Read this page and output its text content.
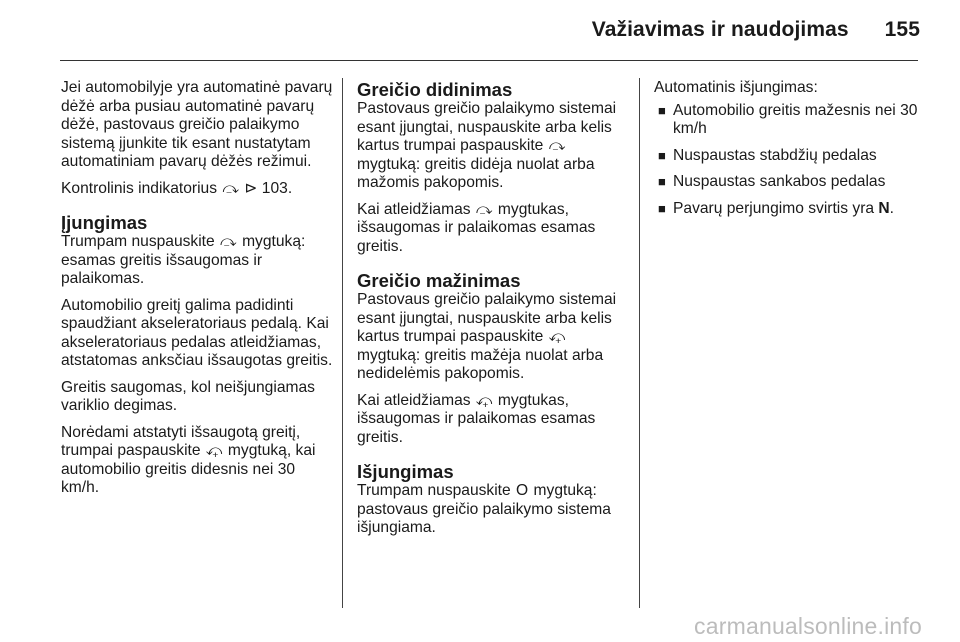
Važiavimas ir naudojimas 155

Jei automobilyje yra automatinė pavarų dėžė arba pusiau automatinė pavarų dėžė, pastovaus greičio palaikymo sistemą įjunkite tik esant nustatytam automatiniam pavarų dėžės režimui.

Kontrolinis indikatorius ⤼ ⊳ 103.

Įjungimas

Trumpam nuspauskite ⤼ mygtuką: esamas greitis išsaugomas ir palaikomas.

Automobilio greitį galima padidinti spaudžiant akseleratoriaus pedalą. Kai akseleratoriaus pedalas atleidžiamas, atstatomas anksčiau išsaugotas greitis.

Greitis saugomas, kol neišjungiamas variklio degimas.

Norėdami atstatyti išsaugotą greitį, trumpai paspauskite ⤽ mygtuką, kai automobilio greitis didesnis nei 30 km/h.

Greičio didinimas

Pastovaus greičio palaikymo sistemai esant įjungtai, nuspauskite arba kelis kartus trumpai paspauskite ⤼ mygtuką: greitis didėja nuolat arba mažomis pakopomis.

Kai atleidžiamas ⤼ mygtukas, išsaugomas ir palaikomas esamas greitis.

Greičio mažinimas

Pastovaus greičio palaikymo sistemai esant įjungtai, nuspauskite arba kelis kartus trumpai paspauskite ⤽ mygtuką: greitis mažėja nuolat arba nedidelėmis pakopomis.

Kai atleidžiamas ⤽ mygtukas, išsaugomas ir palaikomas esamas greitis.

Išjungimas

Trumpam nuspauskite O mygtuką: pastovaus greičio palaikymo sistema išjungiama.

Automatinis išjungimas:

■ Automobilio greitis mažesnis nei 30 km/h
■ Nuspaustas stabdžių pedalas
■ Nuspaustas sankabos pedalas
■ Pavarų perjungimo svirtis yra N.
carmanualsonline.info
